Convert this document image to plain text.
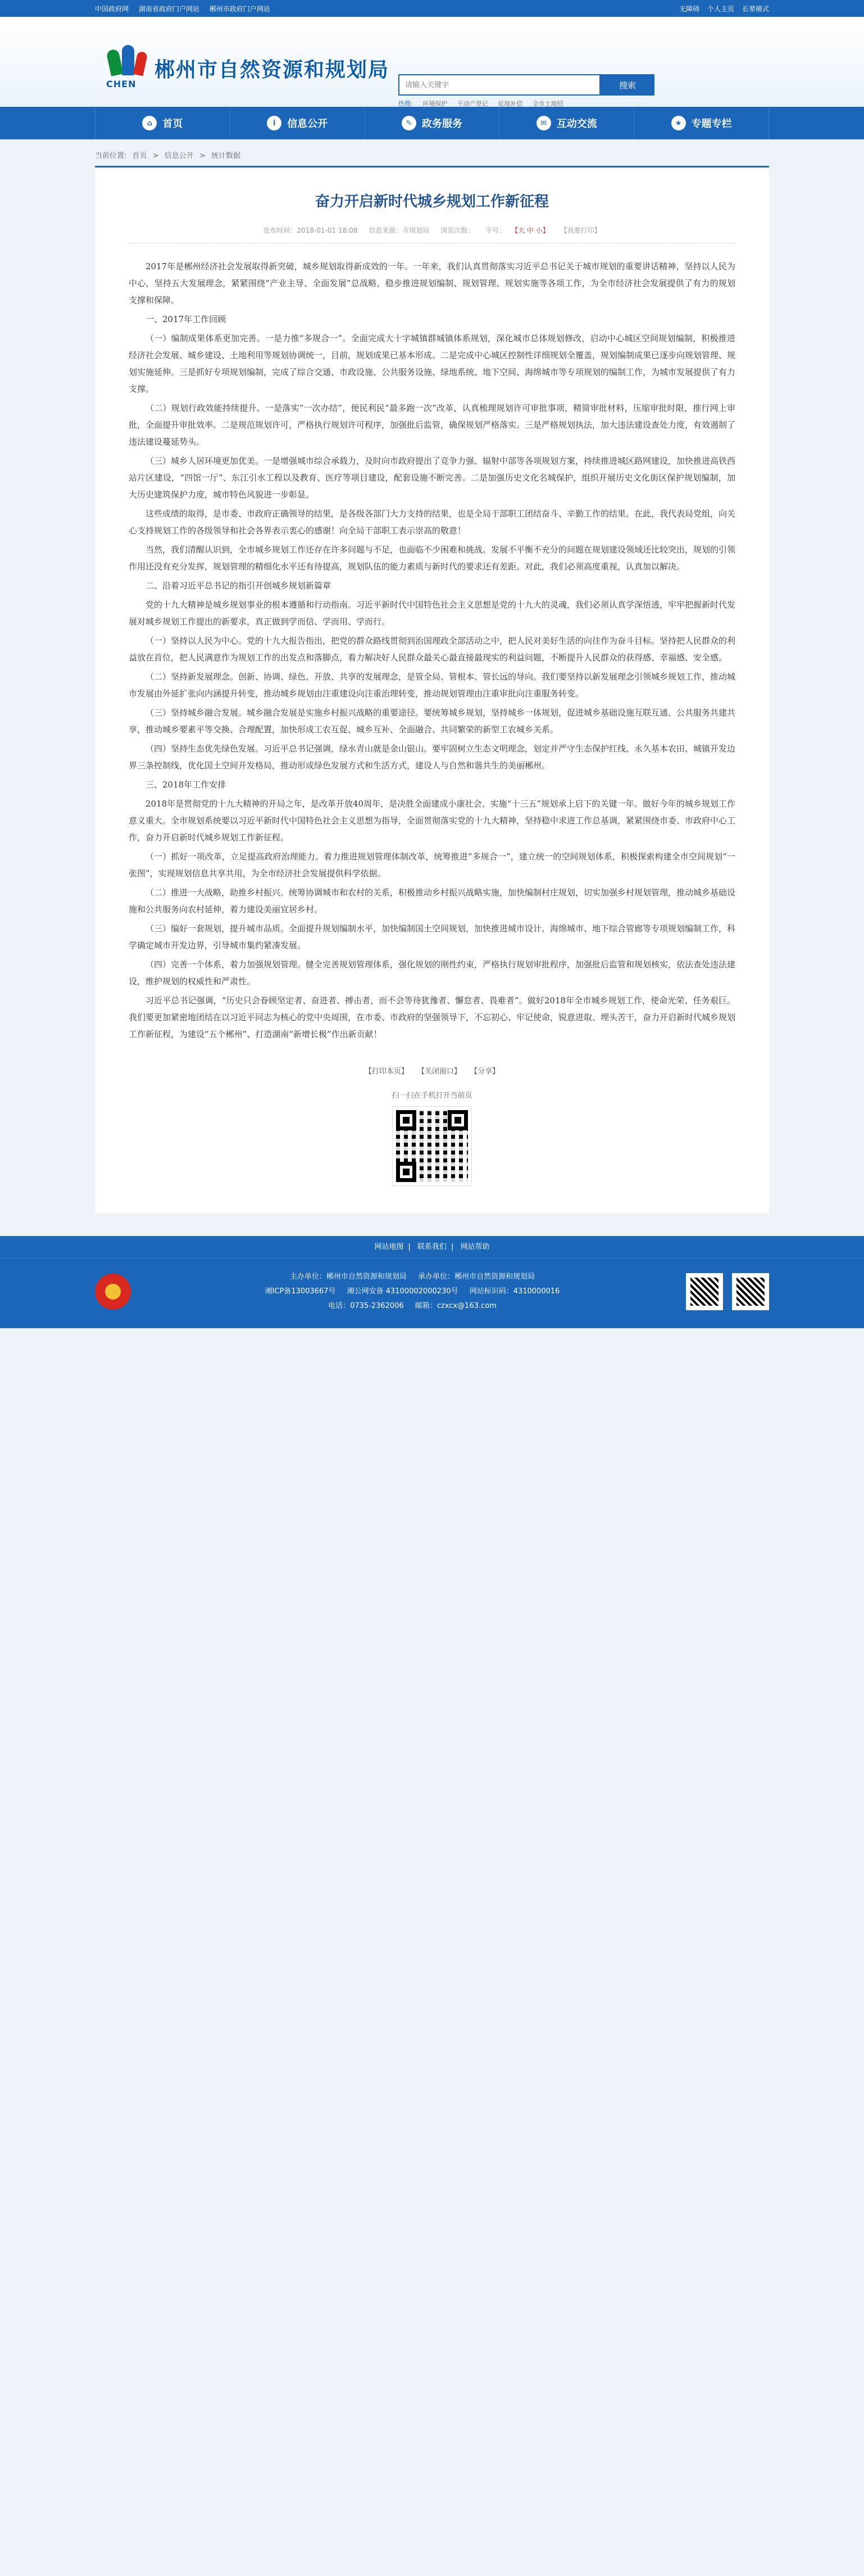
中国政府网 湖南省政府门户网站 郴州市政府门户网站	无障碍 个人主页 长辈模式
CHEN
郴州市自然资源和规划局
请输入关键字
搜索
热搜: 环境保护 不动产登记 征地补偿 全市土地招
⌂	首页	i	信息公开	✎ 政务服务	✉ 互动交流	★ 专题专栏
当前位置: 首页 > 信息公开 > 统计数据
奋力开启新时代城乡规划工作新征程
发布时间：2018-01-01 18:08 信息来源：市规划局 浏览次数： 字号： 【大 中 小】 【我要打印】

2017年是郴州经济社会发展取得新突破，城乡规划取得新成效的一年。一年来，我们认真贯彻落实习近平总书记关于城市规划的重要讲话精神，坚持以人民为中心，坚持五大发展理念，紧紧围绕“产业主导、全面发展”总战略，稳步推进规划编制、规划管理、规划实施等各项工作，为全市经济社会发展提供了有力的规划支撑和保障。

一、2017年工作回顾

（一）编制成果体系更加完善。一是力推“多规合一”。全面完成大十字城镇群城镇体系规划，深化城市总体规划修改，启动中心城区空间规划编制，积极推进经济社会发展、城乡建设、土地利用等规划协调统一，目前，规划成果已基本形成。二是完成中心城区控制性详细规划全覆盖，规划编制成果已逐步向规划管理、规划实施延伸。三是抓好专项规划编制，完成了综合交通、市政设施、公共服务设施、绿地系统、地下空间、海绵城市等专项规划的编制工作，为城市发展提供了有力支撑。

（二）规划行政效能持续提升。一是落实“一次办结”，便民利民“最多跑一次”改革，认真梳理规划许可审批事项，精简审批材料，压缩审批时限，推行网上审批，全面提升审批效率。二是规范规划许可，严格执行规划许可程序，加强批后监管，确保规划严格落实。三是严格规划执法，加大违法建设查处力度，有效遏制了违法建设蔓延势头。

（三）城乡人居环境更加优美。一是增强城市综合承载力，及时向市政府提出了竞争力强、辐射中部等各项规划方案，持续推进城区路网建设，加快推进高铁西站片区建设，“四馆一厅”、东江引水工程以及教育、医疗等项目建设，配套设施不断完善。二是加强历史文化名城保护，组织开展历史文化街区保护规划编制，加大历史建筑保护力度，城市特色风貌进一步彰显。

这些成绩的取得，是市委、市政府正确领导的结果，是各级各部门大力支持的结果，也是全局干部职工团结奋斗、辛勤工作的结果。在此，我代表局党组，向关心支持规划工作的各级领导和社会各界表示衷心的感谢！向全局干部职工表示崇高的敬意！

当然，我们清醒认识到，全市城乡规划工作还存在许多问题与不足，也面临不少困难和挑战。发展不平衡不充分的问题在规划建设领域还比较突出，规划的引领作用还没有充分发挥，规划管理的精细化水平还有待提高，规划队伍的能力素质与新时代的要求还有差距。对此，我们必须高度重视，认真加以解决。

二、沿着习近平总书记的指引开创城乡规划新篇章

党的十九大精神是城乡规划事业的根本遵循和行动指南。习近平新时代中国特色社会主义思想是党的十九大的灵魂，我们必须认真学深悟透，牢牢把握新时代发展对城乡规划工作提出的新要求，真正做到学而信、学而用、学而行。

（一）坚持以人民为中心。党的十九大报告指出，把党的群众路线贯彻到治国理政全部活动之中，把人民对美好生活的向往作为奋斗目标。坚持把人民群众的利益放在首位，把人民满意作为规划工作的出发点和落脚点，着力解决好人民群众最关心最直接最现实的利益问题，不断提升人民群众的获得感、幸福感、安全感。

（二）坚持新发展理念。创新、协调、绿色、开放、共享的发展理念，是管全局、管根本、管长远的导向。我们要坚持以新发展理念引领城乡规划工作，推动城市发展由外延扩张向内涵提升转变，推动城乡规划由注重建设向注重治理转变，推动规划管理由注重审批向注重服务转变。

（三）坚持城乡融合发展。城乡融合发展是实施乡村振兴战略的重要途径。要统筹城乡规划，坚持城乡一体规划，促进城乡基础设施互联互通、公共服务共建共享，推动城乡要素平等交换、合理配置，加快形成工农互促、城乡互补、全面融合、共同繁荣的新型工农城乡关系。

（四）坚持生态优先绿色发展。习近平总书记强调，绿水青山就是金山银山。要牢固树立生态文明理念，划定并严守生态保护红线、永久基本农田、城镇开发边界三条控制线，优化国土空间开发格局，推动形成绿色发展方式和生活方式，建设人与自然和谐共生的美丽郴州。

三、2018年工作安排

2018年是贯彻党的十九大精神的开局之年，是改革开放40周年，是决胜全面建成小康社会、实施“十三五”规划承上启下的关键一年。做好今年的城乡规划工作意义重大。全市规划系统要以习近平新时代中国特色社会主义思想为指导，全面贯彻落实党的十九大精神，坚持稳中求进工作总基调，紧紧围绕市委、市政府中心工作，奋力开启新时代城乡规划工作新征程。

（一）抓好一项改革，立足提高政府治理能力。着力推进规划管理体制改革，统筹推进“多规合一”，建立统一的空间规划体系，积极探索构建全市空间规划“一张图”，实现规划信息共享共用，为全市经济社会发展提供科学依据。

（二）推进一大战略，助推乡村振兴。统筹协调城市和农村的关系，积极推动乡村振兴战略实施，加快编制村庄规划，切实加强乡村规划管理，推动城乡基础设施和公共服务向农村延伸，着力建设美丽宜居乡村。

（三）编好一套规划，提升城市品质。全面提升规划编制水平，加快编制国土空间规划，加快推进城市设计、海绵城市、地下综合管廊等专项规划编制工作，科学确定城市开发边界，引导城市集约紧凑发展。

（四）完善一个体系，着力加强规划管理。健全完善规划管理体系，强化规划的刚性约束，严格执行规划审批程序，加强批后监管和规划核实，依法查处违法建设，维护规划的权威性和严肃性。

习近平总书记强调，“历史只会眷顾坚定者、奋进者、搏击者，而不会等待犹豫者、懈怠者、畏难者”。做好2018年全市城乡规划工作，使命光荣、任务艰巨。我们要更加紧密地团结在以习近平同志为核心的党中央周围，在市委、市政府的坚强领导下，不忘初心、牢记使命，锐意进取、埋头苦干，奋力开启新时代城乡规划工作新征程，为建设“五个郴州”、打造湖南“新增长极”作出新贡献！

【打印本页】 【关闭窗口】 【分享】
扫一扫在手机打开当前页
网站地图 | 联系我们 | 网站帮助
主办单位：郴州市自然资源和规划局 承办单位：郴州市自然资源和规划局
湘ICP备13003667号 湘公网安备 43100002000230号 网站标识码：4310000016
电话：0735-2362006 邮箱：czxcx@163.com
